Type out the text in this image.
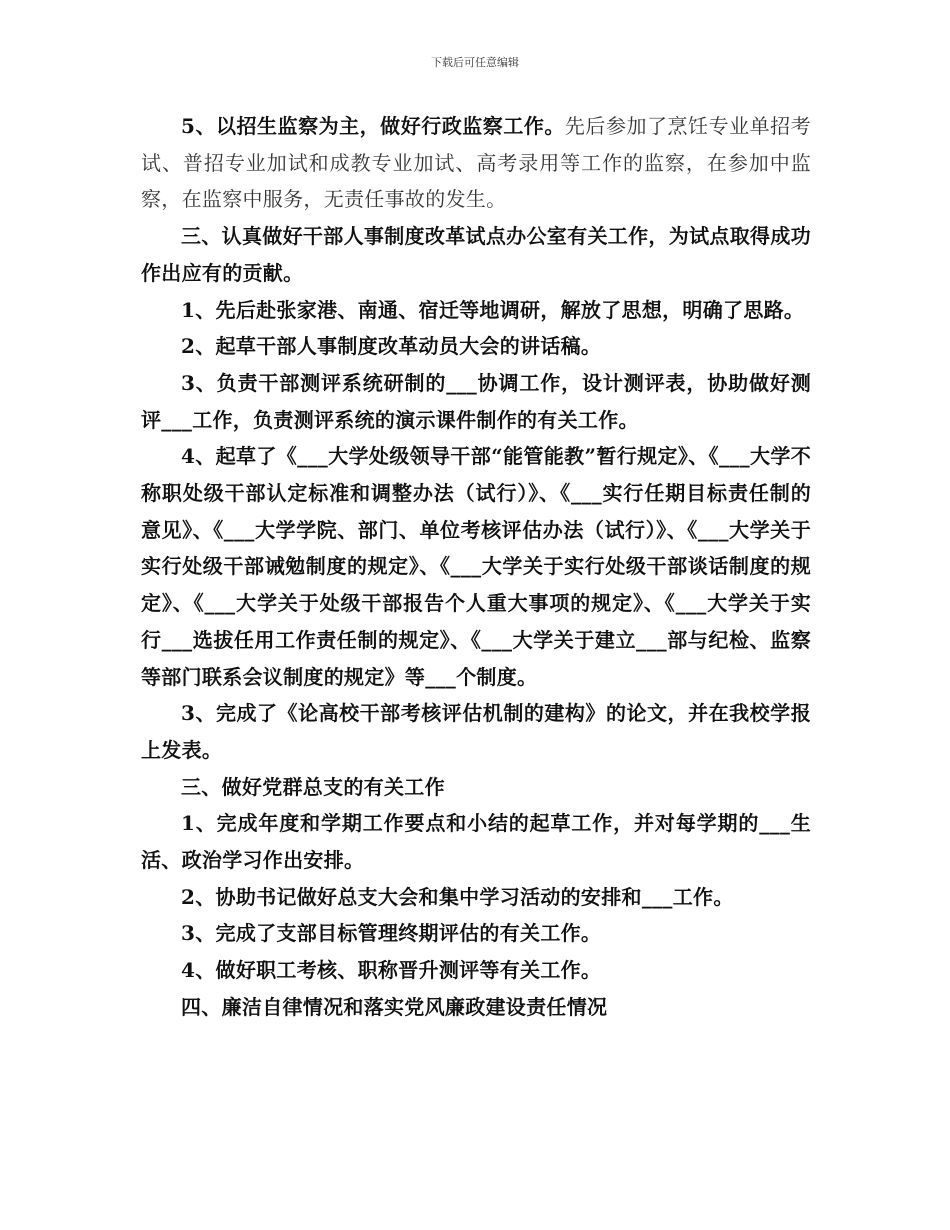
下载后可任意编辑

5、以招生监察为主，做好行政监察工作。先后参加了烹饪专业单招考试、普招专业加试和成教专业加试、高考录用等工作的监察，在参加中监察，在监察中服务，无责任事故的发生。

三、认真做好干部人事制度改革试点办公室有关工作，为试点取得成功作出应有的贡献。

1、先后赴张家港、南通、宿迁等地调研，解放了思想，明确了思路。

2、起草干部人事制度改革动员大会的讲话稿。

3、负责干部测评系统研制的___协调工作，设计测评表，协助做好测评___工作，负责测评系统的演示课件制作的有关工作。

4、起草了《___大学处级领导干部“能管能教”暂行规定》、《___大学不称职处级干部认定标准和调整办法（试行）》、《___实行任期目标责任制的意见》、《___大学学院、部门、单位考核评估办法（试行）》、《___大学关于实行处级干部诫勉制度的规定》、《___大学关于实行处级干部谈话制度的规定》、《___大学关于处级干部报告个人重大事项的规定》、《___大学关于实行___选拔任用工作责任制的规定》、《___大学关于建立___部与纪检、监察等部门联系会议制度的规定》等___个制度。

3、完成了《论高校干部考核评估机制的建构》的论文，并在我校学报上发表。

三、做好党群总支的有关工作

1、完成年度和学期工作要点和小结的起草工作，并对每学期的___生活、政治学习作出安排。

2、协助书记做好总支大会和集中学习活动的安排和___工作。

3、完成了支部目标管理终期评估的有关工作。

4、做好职工考核、职称晋升测评等有关工作。

四、廉洁自律情况和落实党风廉政建设责任情况
